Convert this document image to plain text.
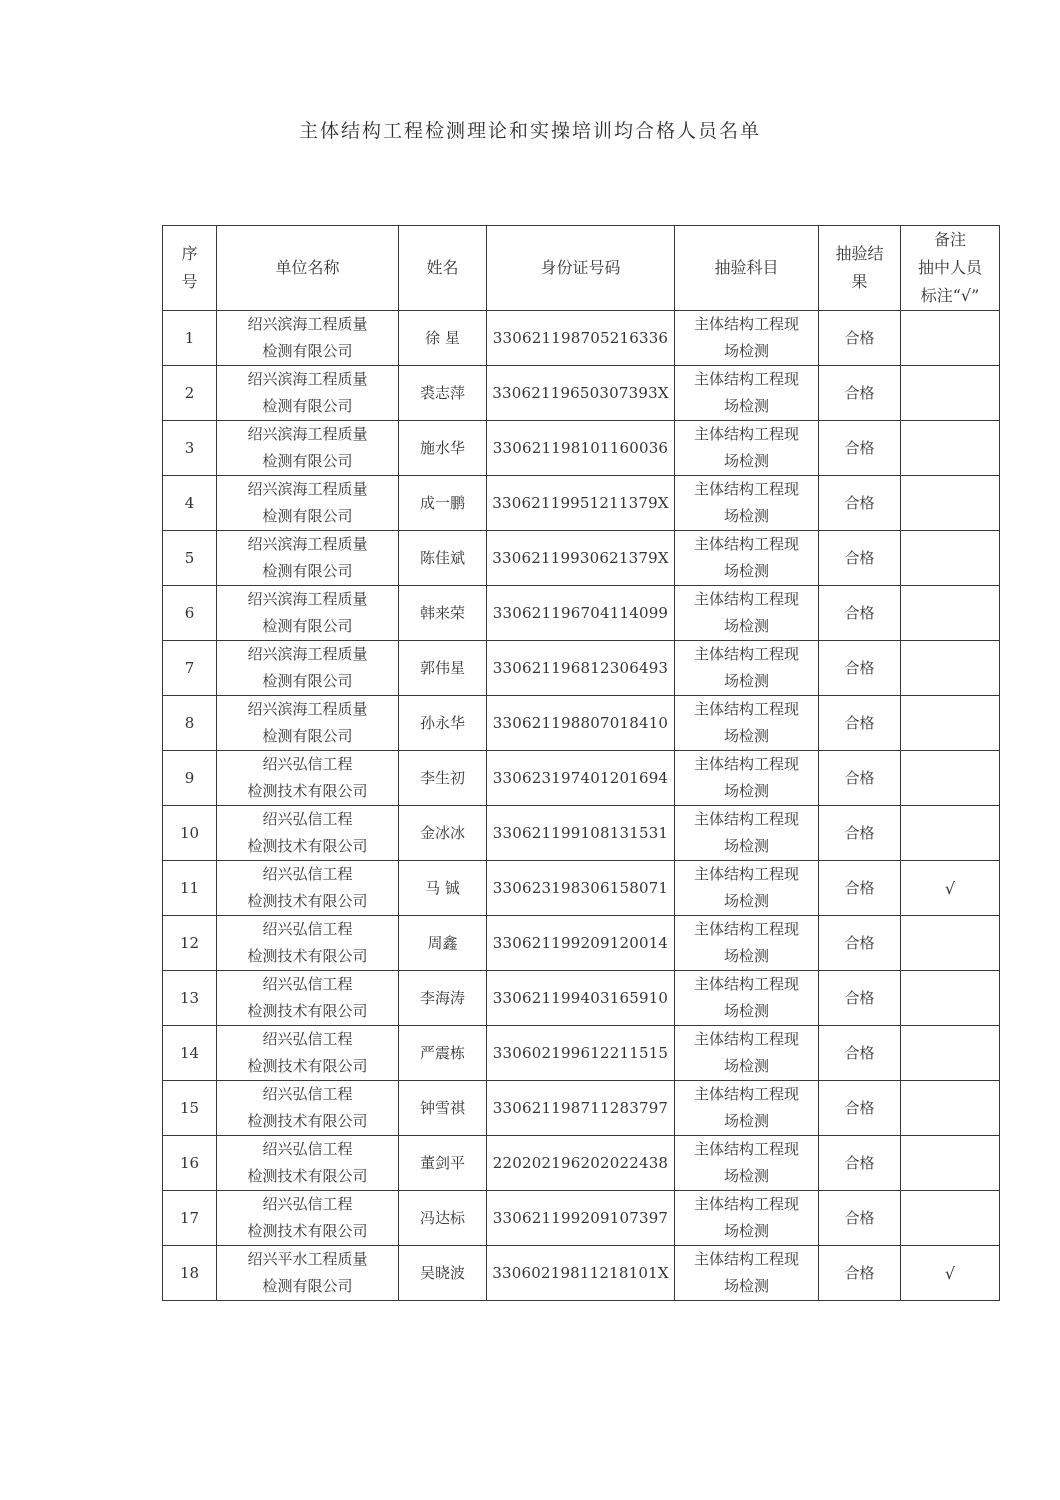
主体结构工程检测理论和实操培训均合格人员名单
序
号	单位名称	姓名	身份证号码	抽验科目	抽验结
果	备注
抽中人员
标注“√”

1	绍兴滨海工程质量
检测有限公司	徐 星	330621198705216336	主体结构工程现
场检测	合格	
2	绍兴滨海工程质量
检测有限公司	裘志萍	33062119650307393X	主体结构工程现
场检测	合格	
3	绍兴滨海工程质量
检测有限公司	施水华	330621198101160036	主体结构工程现
场检测	合格	
4	绍兴滨海工程质量
检测有限公司	成一鹏	33062119951211379X	主体结构工程现
场检测	合格	
5	绍兴滨海工程质量
检测有限公司	陈佳斌	33062119930621379X	主体结构工程现
场检测	合格	
6	绍兴滨海工程质量
检测有限公司	韩来荣	330621196704114099	主体结构工程现
场检测	合格	
7	绍兴滨海工程质量
检测有限公司	郭伟星	330621196812306493	主体结构工程现
场检测	合格	
8	绍兴滨海工程质量
检测有限公司	孙永华	330621198807018410	主体结构工程现
场检测	合格	
9	绍兴弘信工程
检测技术有限公司	李生初	330623197401201694	主体结构工程现
场检测	合格	
10	绍兴弘信工程
检测技术有限公司	金冰冰	330621199108131531	主体结构工程现
场检测	合格	
11	绍兴弘信工程
检测技术有限公司	马 铖	330623198306158071	主体结构工程现
场检测	合格	√
12	绍兴弘信工程
检测技术有限公司	周鑫	330621199209120014	主体结构工程现
场检测	合格	
13	绍兴弘信工程
检测技术有限公司	李海涛	330621199403165910	主体结构工程现
场检测	合格	
14	绍兴弘信工程
检测技术有限公司	严震栋	330602199612211515	主体结构工程现
场检测	合格	
15	绍兴弘信工程
检测技术有限公司	钟雪祺	330621198711283797	主体结构工程现
场检测	合格	
16	绍兴弘信工程
检测技术有限公司	董剑平	220202196202022438	主体结构工程现
场检测	合格	
17	绍兴弘信工程
检测技术有限公司	冯达标	330621199209107397	主体结构工程现
场检测	合格	
18	绍兴平水工程质量
检测有限公司	吴晓波	33060219811218101X	主体结构工程现
场检测	合格	√
